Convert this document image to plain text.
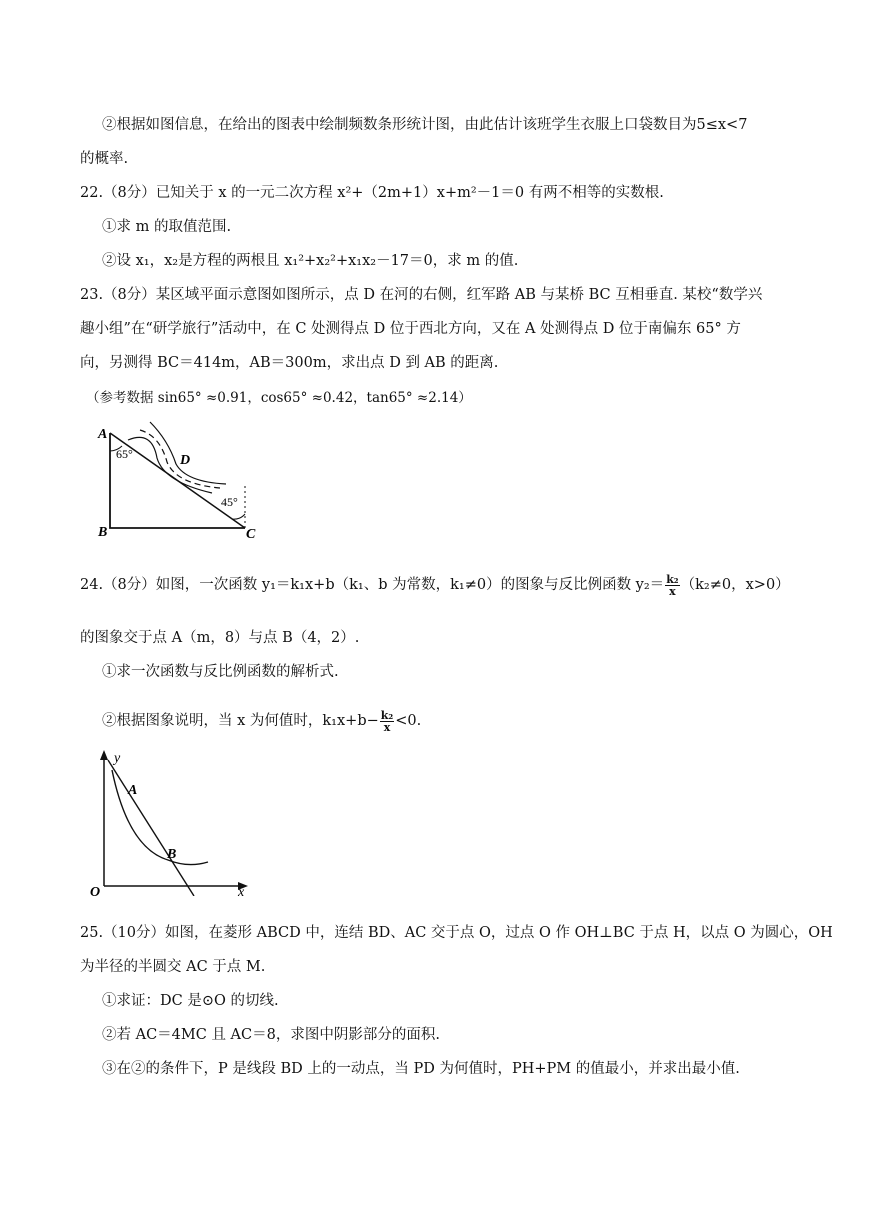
②根据如图信息，在给出的图表中绘制频数条形统计图，由此估计该班学生衣服上口袋数目为5≤x<7
的概率.
22.（8分）已知关于 x 的一元二次方程 x²+（2m+1）x+m²－1＝0 有两不相等的实数根.
①求 m 的取值范围.
②设 x₁，x₂是方程的两根且 x₁²+x₂²+x₁x₂－17＝0，求 m 的值.
23.（8分）某区域平面示意图如图所示，点 D 在河的右侧，红军路 AB 与某桥 BC 互相垂直. 某校“数学兴
趣小组”在“研学旅行”活动中，在 C 处测得点 D 位于西北方向，又在 A 处测得点 D 位于南偏东 65° 方
向，另测得 BC＝414m，AB＝300m，求出点 D 到 AB 的距离.
（参考数据 sin65° ≈0.91，cos65° ≈0.42，tan65° ≈2.14）
A
B	C
D
65°
45°
24.（8分）如图，一次函数 y₁＝k₁x+b（k₁、b 为常数，k₁≠0）的图象与反比例函数 $y_2= \frac{\text{k₂}}{x} (k_2\ne 0$，x>0）
的图象交于点 A（m，8）与点 B（4，2）.
①求一次函数与反比例函数的解析式.
②根据图象说明，当 x 为何值时，$k_1x+b- \frac{\text{k₂}}{x} <0$.
y
x
O
A
B
25.（10分）如图，在菱形 ABCD 中，连结 BD、AC 交于点 O，过点 O 作 OH⊥BC 于点 H，以点 O 为圆心，OH
为半径的半圆交 AC 于点 M.
①求证：DC 是⊙O 的切线.
②若 AC＝4MC 且 AC＝8，求图中阴影部分的面积.
③在②的条件下，P 是线段 BD 上的一动点，当 PD 为何值时，PH+PM 的值最小，并求出最小值.
